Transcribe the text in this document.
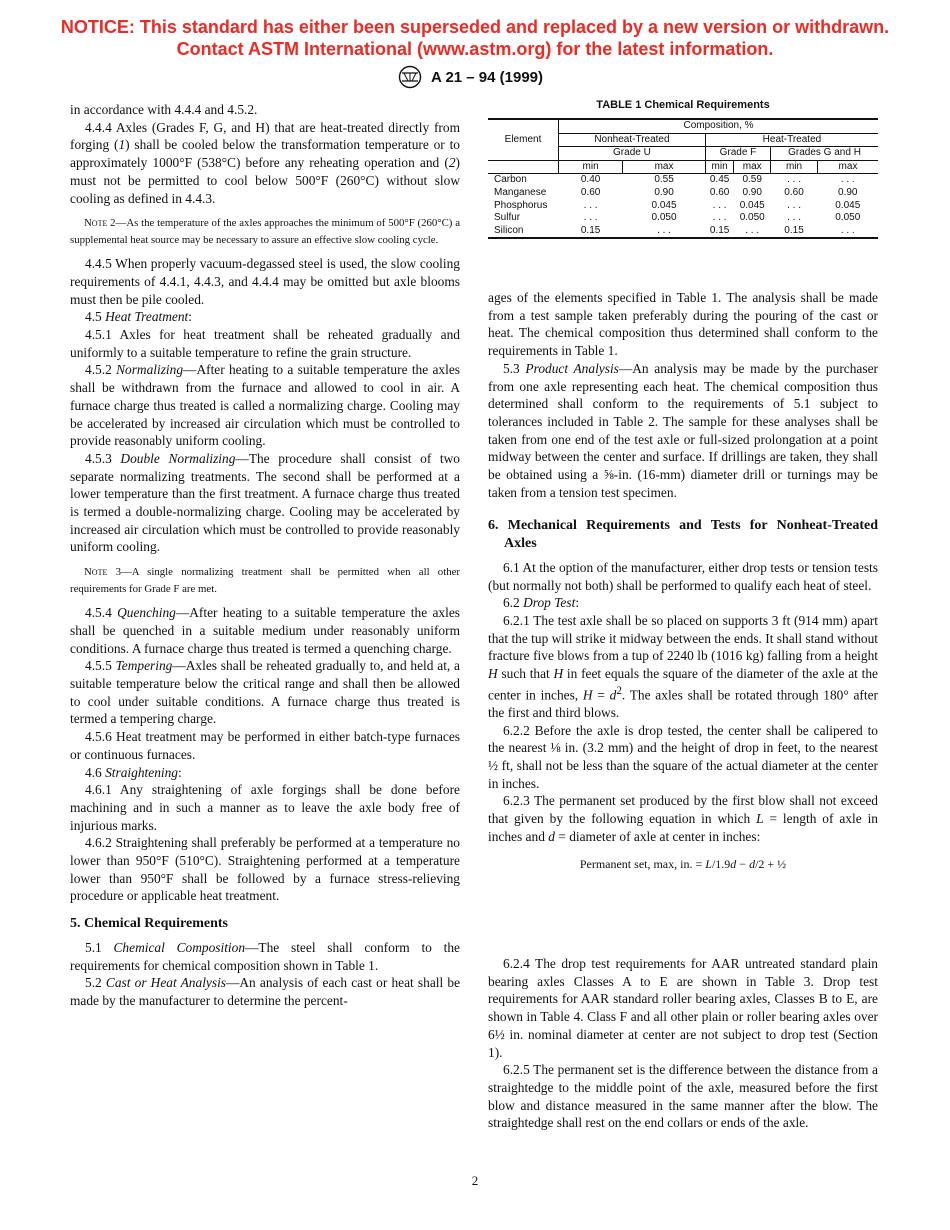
NOTICE: This standard has either been superseded and replaced by a new version or withdrawn.
Contact ASTM International (www.astm.org) for the latest information.
A 21 – 94 (1999)

in accordance with 4.4.4 and 4.5.2.

4.4.4 Axles (Grades F, G, and H) that are heat-treated directly from forging (1) shall be cooled below the transformation temperature or to approximately 1000°F (538°C) before any reheating operation and (2) must not be permitted to cool below 500°F (260°C) without slow cooling as defined in 4.4.3.

Note 2—As the temperature of the axles approaches the minimum of 500°F (260°C) a supplemental heat source may be necessary to assure an effective slow cooling cycle.

4.4.5 When properly vacuum-degassed steel is used, the slow cooling requirements of 4.4.1, 4.4.3, and 4.4.4 may be omitted but axle blooms must then be pile cooled.

4.5 Heat Treatment:

4.5.1 Axles for heat treatment shall be reheated gradually and uniformly to a suitable temperature to refine the grain structure.

4.5.2 Normalizing—After heating to a suitable temperature the axles shall be withdrawn from the furnace and allowed to cool in air. A furnace charge thus treated is called a normalizing charge. Cooling may be accelerated by increased air circulation which must be controlled to provide reasonably uniform cooling.

4.5.3 Double Normalizing—The procedure shall consist of two separate normalizing treatments. The second shall be performed at a lower temperature than the first treatment. A furnace charge thus treated is termed a double-normalizing charge. Cooling may be accelerated by increased air circulation which must be controlled to provide reasonably uniform cooling.

Note 3—A single normalizing treatment shall be permitted when all other requirements for Grade F are met.

4.5.4 Quenching—After heating to a suitable temperature the axles shall be quenched in a suitable medium under reasonably uniform conditions. A furnace charge thus treated is termed a quenching charge.

4.5.5 Tempering—Axles shall be reheated gradually to, and held at, a suitable temperature below the critical range and shall then be allowed to cool under suitable conditions. A furnace charge thus treated is termed a tempering charge.

4.5.6 Heat treatment may be performed in either batch-type furnaces or continuous furnaces.

4.6 Straightening:

4.6.1 Any straightening of axle forgings shall be done before machining and in such a manner as to leave the axle body free of injurious marks.

4.6.2 Straightening shall preferably be performed at a temperature no lower than 950°F (510°C). Straightening performed at a temperature lower than 950°F shall be followed by a furnace stress-relieving procedure or applicable heat treatment.

5. Chemical Requirements

5.1 Chemical Composition—The steel shall conform to the requirements for chemical composition shown in Table 1.

5.2 Cast or Heat Analysis—An analysis of each cast or heat shall be made by the manufacturer to determine the percent-

TABLE 1 Chemical Requirements
Element	Composition, %					
	Nonheat-Treated		Heat-Treated			
	Grade U		Grade F		Grades G and H	
	min	max	min	max	min	max
Carbon	0.40	0.55	0.45	0.59	. . .	. . .
Manganese	0.60	0.90	0.60	0.90	0.60	0.90
Phosphorus	. . .	0.045	. . .	0.045	. . .	0.045
Sulfur	. . .	0.050	. . .	0.050	. . .	0.050
Silicon	0.15	. . .	0.15	. . .	0.15	. . .

ages of the elements specified in Table 1. The analysis shall be made from a test sample taken preferably during the pouring of the cast or heat. The chemical composition thus determined shall conform to the requirements in Table 1.

5.3 Product Analysis—An analysis may be made by the purchaser from one axle representing each heat. The chemical composition thus determined shall conform to the requirements of 5.1 subject to tolerances included in Table 2. The sample for these analyses shall be taken from one end of the test axle or full-sized prolongation at a point midway between the center and surface. If drillings are taken, they shall be obtained using a ⅝-in. (16-mm) diameter drill or turnings may be taken from a tension test specimen.

6. Mechanical Requirements and Tests for Nonheat-Treated Axles

6.1 At the option of the manufacturer, either drop tests or tension tests (but normally not both) shall be performed to qualify each heat of steel.

6.2 Drop Test:

6.2.1 The test axle shall be so placed on supports 3 ft (914 mm) apart that the tup will strike it midway between the ends. It shall stand without fracture five blows from a tup of 2240 lb (1016 kg) falling from a height H such that H in feet equals the square of the diameter of the axle at the center in inches, $H = d^2$. The axles shall be rotated through 180° after the first and third blows.

6.2.2 Before the axle is drop tested, the center shall be calipered to the nearest ⅛ in. (3.2 mm) and the height of drop in feet, to the nearest ½ ft, shall not be less than the square of the actual diameter at the center in inches.

6.2.3 The permanent set produced by the first blow shall not exceed that given by the following equation in which L = length of axle in inches and d = diameter of axle at center in inches:

Permanent set, max, in. = L/1.9d − d/2 + ½

6.2.4 The drop test requirements for AAR untreated standard plain bearing axles Classes A to E are shown in Table 3. Drop test requirements for AAR standard roller bearing axles, Classes B to E, are shown in Table 4. Class F and all other plain or roller bearing axles over 6½ in. nominal diameter at center are not subject to drop test (Section 1).

6.2.5 The permanent set is the difference between the distance from a straightedge to the middle point of the axle, measured before the first blow and distance measured in the same manner after the blow. The straightedge shall rest on the end collars or ends of the axle.

2
